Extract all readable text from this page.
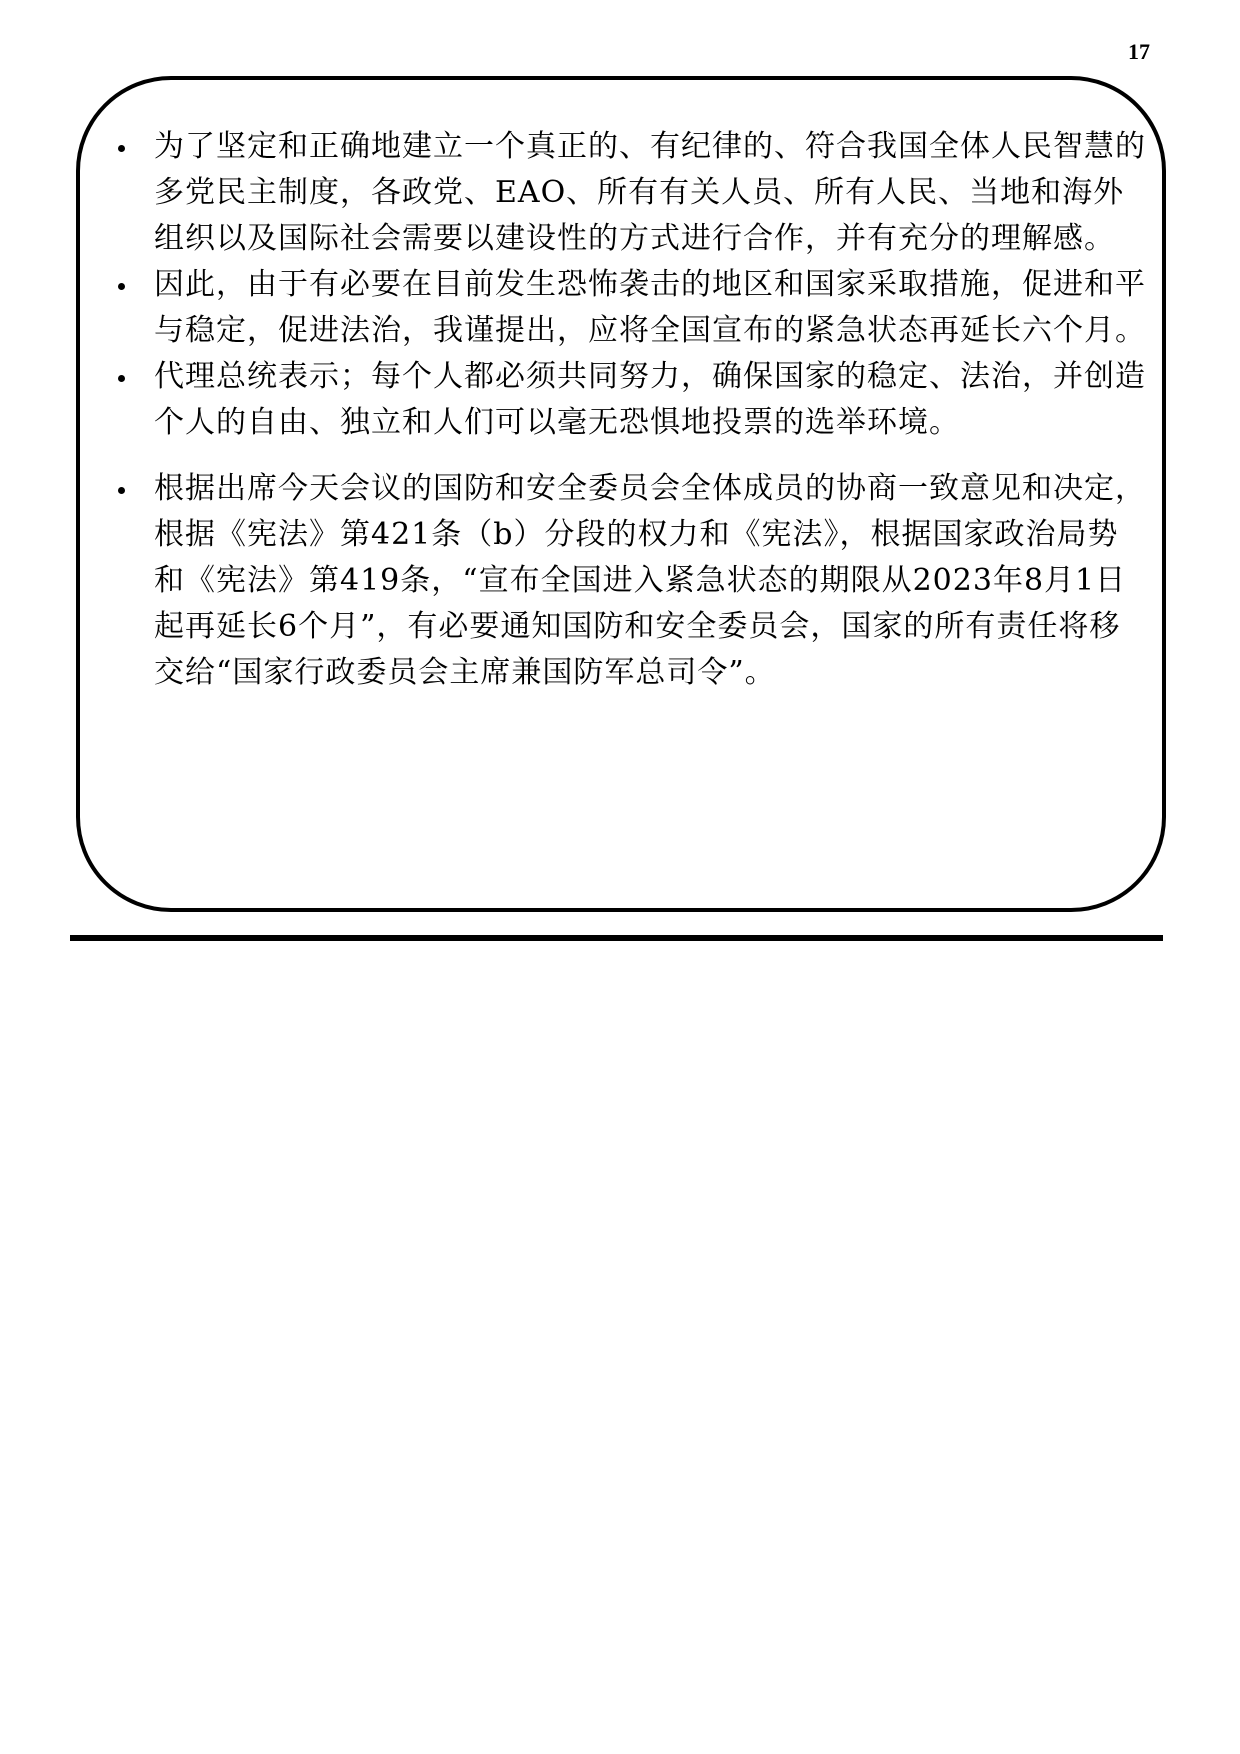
17
为了坚定和正确地建立一个真正的、有纪律的、符合我国全体人民智慧的多党民主制度，各政党、EAO、所有有关人员、所有人民、当地和海外组织以及国际社会需要以建设性的方式进行合作，并有充分的理解感。
因此，由于有必要在目前发生恐怖袭击的地区和国家采取措施，促进和平与稳定，促进法治，我谨提出，应将全国宣布的紧急状态再延长六个月。
代理总统表示；每个人都必须共同努力，确保国家的稳定、法治，并创造个人的自由、独立和人们可以毫无恐惧地投票的选举环境。
根据出席今天会议的国防和安全委员会全体成员的协商一致意见和决定，根据《宪法》第421条（b）分段的权力和《宪法》，根据国家政治局势和《宪法》第419条，“宣布全国进入紧急状态的期限从2023年8月1日起再延长6个月”，有必要通知国防和安全委员会，国家的所有责任将移交给“国家行政委员会主席兼国防军总司令”。
